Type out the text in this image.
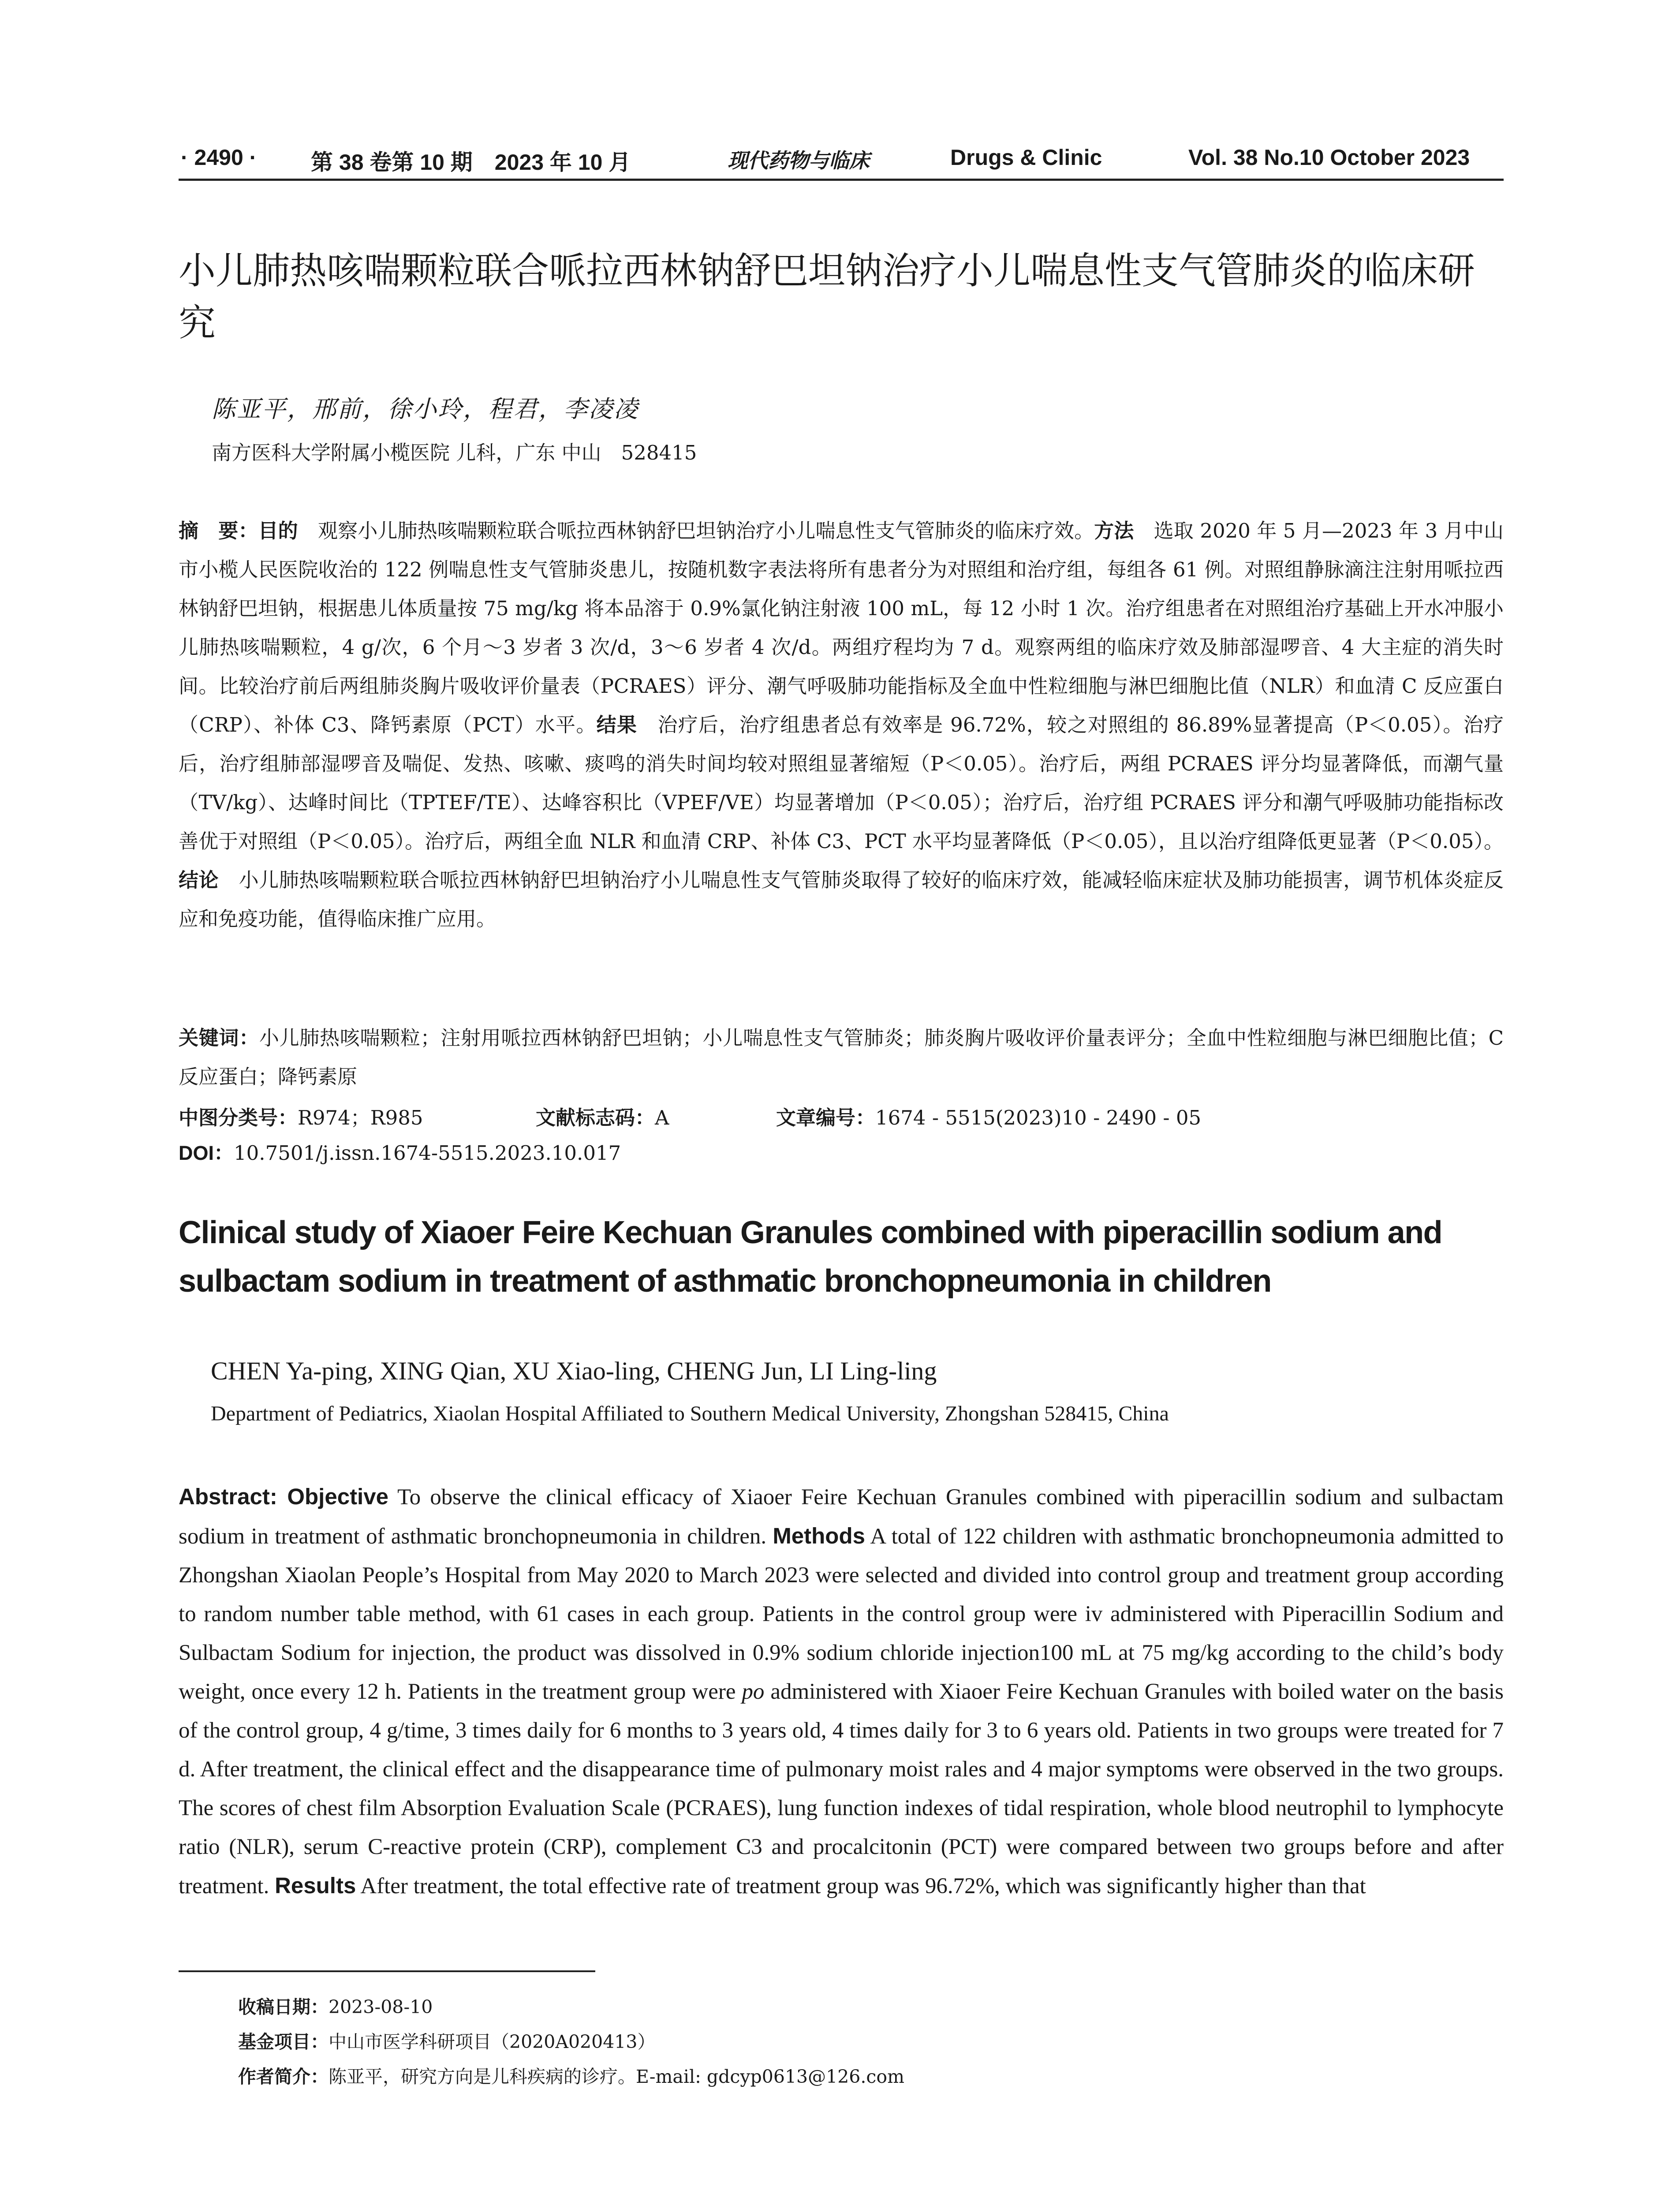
· 2490 · 第 38 卷第 10 期　2023 年 10 月	现代药物与临床	Drugs & Clinic	Vol. 38 No.10 October 2023
小儿肺热咳喘颗粒联合哌拉西林钠舒巴坦钠治疗小儿喘息性支气管肺炎的临床研究
陈亚平，邢前，徐小玲，程君，李凌凌
南方医科大学附属小榄医院 儿科，广东 中山　528415

摘　要：目的　观察小儿肺热咳喘颗粒联合哌拉西林钠舒巴坦钠治疗小儿喘息性支气管肺炎的临床疗效。方法　选取 2020 年 5 月—2023 年 3 月中山市小榄人民医院收治的 122 例喘息性支气管肺炎患儿，按随机数字表法将所有患者分为对照组和治疗组，每组各 61 例。对照组静脉滴注注射用哌拉西林钠舒巴坦钠，根据患儿体质量按 75 mg/kg 将本品溶于 0.9%氯化钠注射液 100 mL，每 12 小时 1 次。治疗组患者在对照组治疗基础上开水冲服小儿肺热咳喘颗粒，4 g/次，6 个月～3 岁者 3 次/d，3～6 岁者 4 次/d。两组疗程均为 7 d。观察两组的临床疗效及肺部湿啰音、4 大主症的消失时间。比较治疗前后两组肺炎胸片吸收评价量表（PCRAES）评分、潮气呼吸肺功能指标及全血中性粒细胞与淋巴细胞比值（NLR）和血清 C 反应蛋白（CRP）、补体 C3、降钙素原（PCT）水平。结果　治疗后，治疗组患者总有效率是 96.72%，较之对照组的 86.89%显著提高（P＜0.05）。治疗后，治疗组肺部湿啰音及喘促、发热、咳嗽、痰鸣的消失时间均较对照组显著缩短（P＜0.05）。治疗后，两组 PCRAES 评分均显著降低，而潮气量（TV/kg）、达峰时间比（TPTEF/TE）、达峰容积比（VPEF/VE）均显著增加（P＜0.05）；治疗后，治疗组 PCRAES 评分和潮气呼吸肺功能指标改善优于对照组（P＜0.05）。治疗后，两组全血 NLR 和血清 CRP、补体 C3、PCT 水平均显著降低（P＜0.05），且以治疗组降低更显著（P＜0.05）。结论　小儿肺热咳喘颗粒联合哌拉西林钠舒巴坦钠治疗小儿喘息性支气管肺炎取得了较好的临床疗效，能减轻临床症状及肺功能损害，调节机体炎症反应和免疫功能，值得临床推广应用。

关键词：小儿肺热咳喘颗粒；注射用哌拉西林钠舒巴坦钠；小儿喘息性支气管肺炎；肺炎胸片吸收评价量表评分；全血中性粒细胞与淋巴细胞比值；C 反应蛋白；降钙素原

中图分类号：R974；R985	文献标志码：A	文章编号：1674 - 5515(2023)10 - 2490 - 05
DOI：10.7501/j.issn.1674-5515.2023.10.017
Clinical study of Xiaoer Feire Kechuan Granules combined with piperacillin sodium and sulbactam sodium in treatment of asthmatic bronchopneumonia in children
CHEN Ya-ping, XING Qian, XU Xiao-ling, CHENG Jun, LI Ling-ling
Department of Pediatrics, Xiaolan Hospital Affiliated to Southern Medical University, Zhongshan 528415, China

Abstract: Objective To observe the clinical efficacy of Xiaoer Feire Kechuan Granules combined with piperacillin sodium and sulbactam sodium in treatment of asthmatic bronchopneumonia in children. Methods A total of 122 children with asthmatic bronchopneumonia admitted to Zhongshan Xiaolan People’s Hospital from May 2020 to March 2023 were selected and divided into control group and treatment group according to random number table method, with 61 cases in each group. Patients in the control group were iv administered with Piperacillin Sodium and Sulbactam Sodium for injection, the product was dissolved in 0.9% sodium chloride injection100 mL at 75 mg/kg according to the child’s body weight, once every 12 h. Patients in the treatment group were po administered with Xiaoer Feire Kechuan Granules with boiled water on the basis of the control group, 4 g/time, 3 times daily for 6 months to 3 years old, 4 times daily for 3 to 6 years old. Patients in two groups were treated for 7 d. After treatment, the clinical effect and the disappearance time of pulmonary moist rales and 4 major symptoms were observed in the two groups. The scores of chest film Absorption Evaluation Scale (PCRAES), lung function indexes of tidal respiration, whole blood neutrophil to lymphocyte ratio (NLR), serum C-reactive protein (CRP), complement C3 and procalcitonin (PCT) were compared between two groups before and after treatment. Results After treatment, the total effective rate of treatment group was 96.72%, which was significantly higher than that

收稿日期：2023-08-10
基金项目：中山市医学科研项目（2020A020413）
作者简介：陈亚平，研究方向是儿科疾病的诊疗。E-mail: gdcyp0613@126.com
